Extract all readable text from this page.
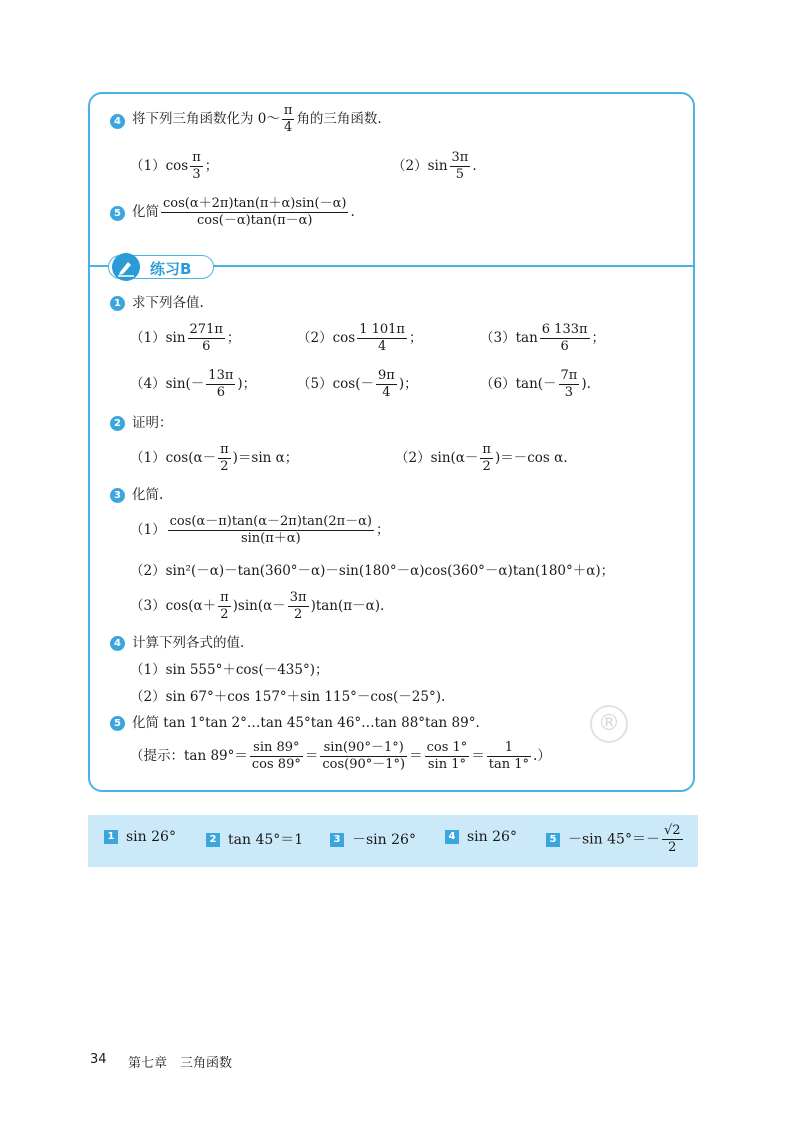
4 将下列三角函数化为 0～ $\frac{\pi}{4}$ 角的三角函数.
$(1)\cos \frac{\pi}{3}$ ；	$(2)\sin \frac{3\pi}{5}$ .
5 化简 $\frac{\cos(\alpha+2\pi)\tan(\pi+\alpha)\sin(-\alpha)}{\cos(-\alpha)\tan(\pi-\alpha)}$ .
练习B
1 求下列各值.
$(1)\sin \frac{271\pi}{6}$ ；	$(2)\cos \frac{1 101\pi}{4}$ ；	$(3)\tan \frac{6 133\pi}{6}$ ；
$(4)\sin(- \frac{13\pi}{6}$ )；	$(5)\cos(- \frac{9\pi}{4}$ )；	$(6)\tan(- \frac{7\pi}{3}$ ).
2 证明：
$(1)\cos(\alpha- \frac{\pi}{2} )=\sin$ α；	$(2)\sin(\alpha- \frac{\pi}{2} )=-\cos$ α.
3 化简.
$(1) \frac{\cos(\alpha-\pi)\tan(\alpha-2\pi)\tan(2\pi-\alpha)}{\sin(\pi+\alpha)}$ ；
（2）sin²(－α)－tan(360°－α)－sin(180°－α)cos(360°－α)tan(180°＋α)；
$(3)\cos(\alpha+ \frac{\pi}{2} )\sin(\alpha- \frac{3\pi}{2} )\tan(\pi-\alpha)$.
4 计算下列各式的值.
（1）sin 555°＋cos(－435°)；
（2）sin 67°＋cos 157°＋sin 115°－cos(－25°).
5 化简 tan 1°tan 2°…tan 45°tan 46°…tan 88°tan 89°.
（提示：$\tan 89^\circ= \frac{\sin 89^\circ}{\cos 89^\circ} = \frac{\sin(90^\circ-1^\circ)}{\cos(90^\circ-1^\circ)} = \frac{\cos 1^\circ}{\sin 1^\circ} = \frac{1}{\tan 1^\circ}$ .）
®
1 sin 26°	2 tan 45°＝1	3 －sin 26°	4 sin 26°	5 －sin $45^\circ=- \frac{√2}{2}$
34 第七章　三角函数
